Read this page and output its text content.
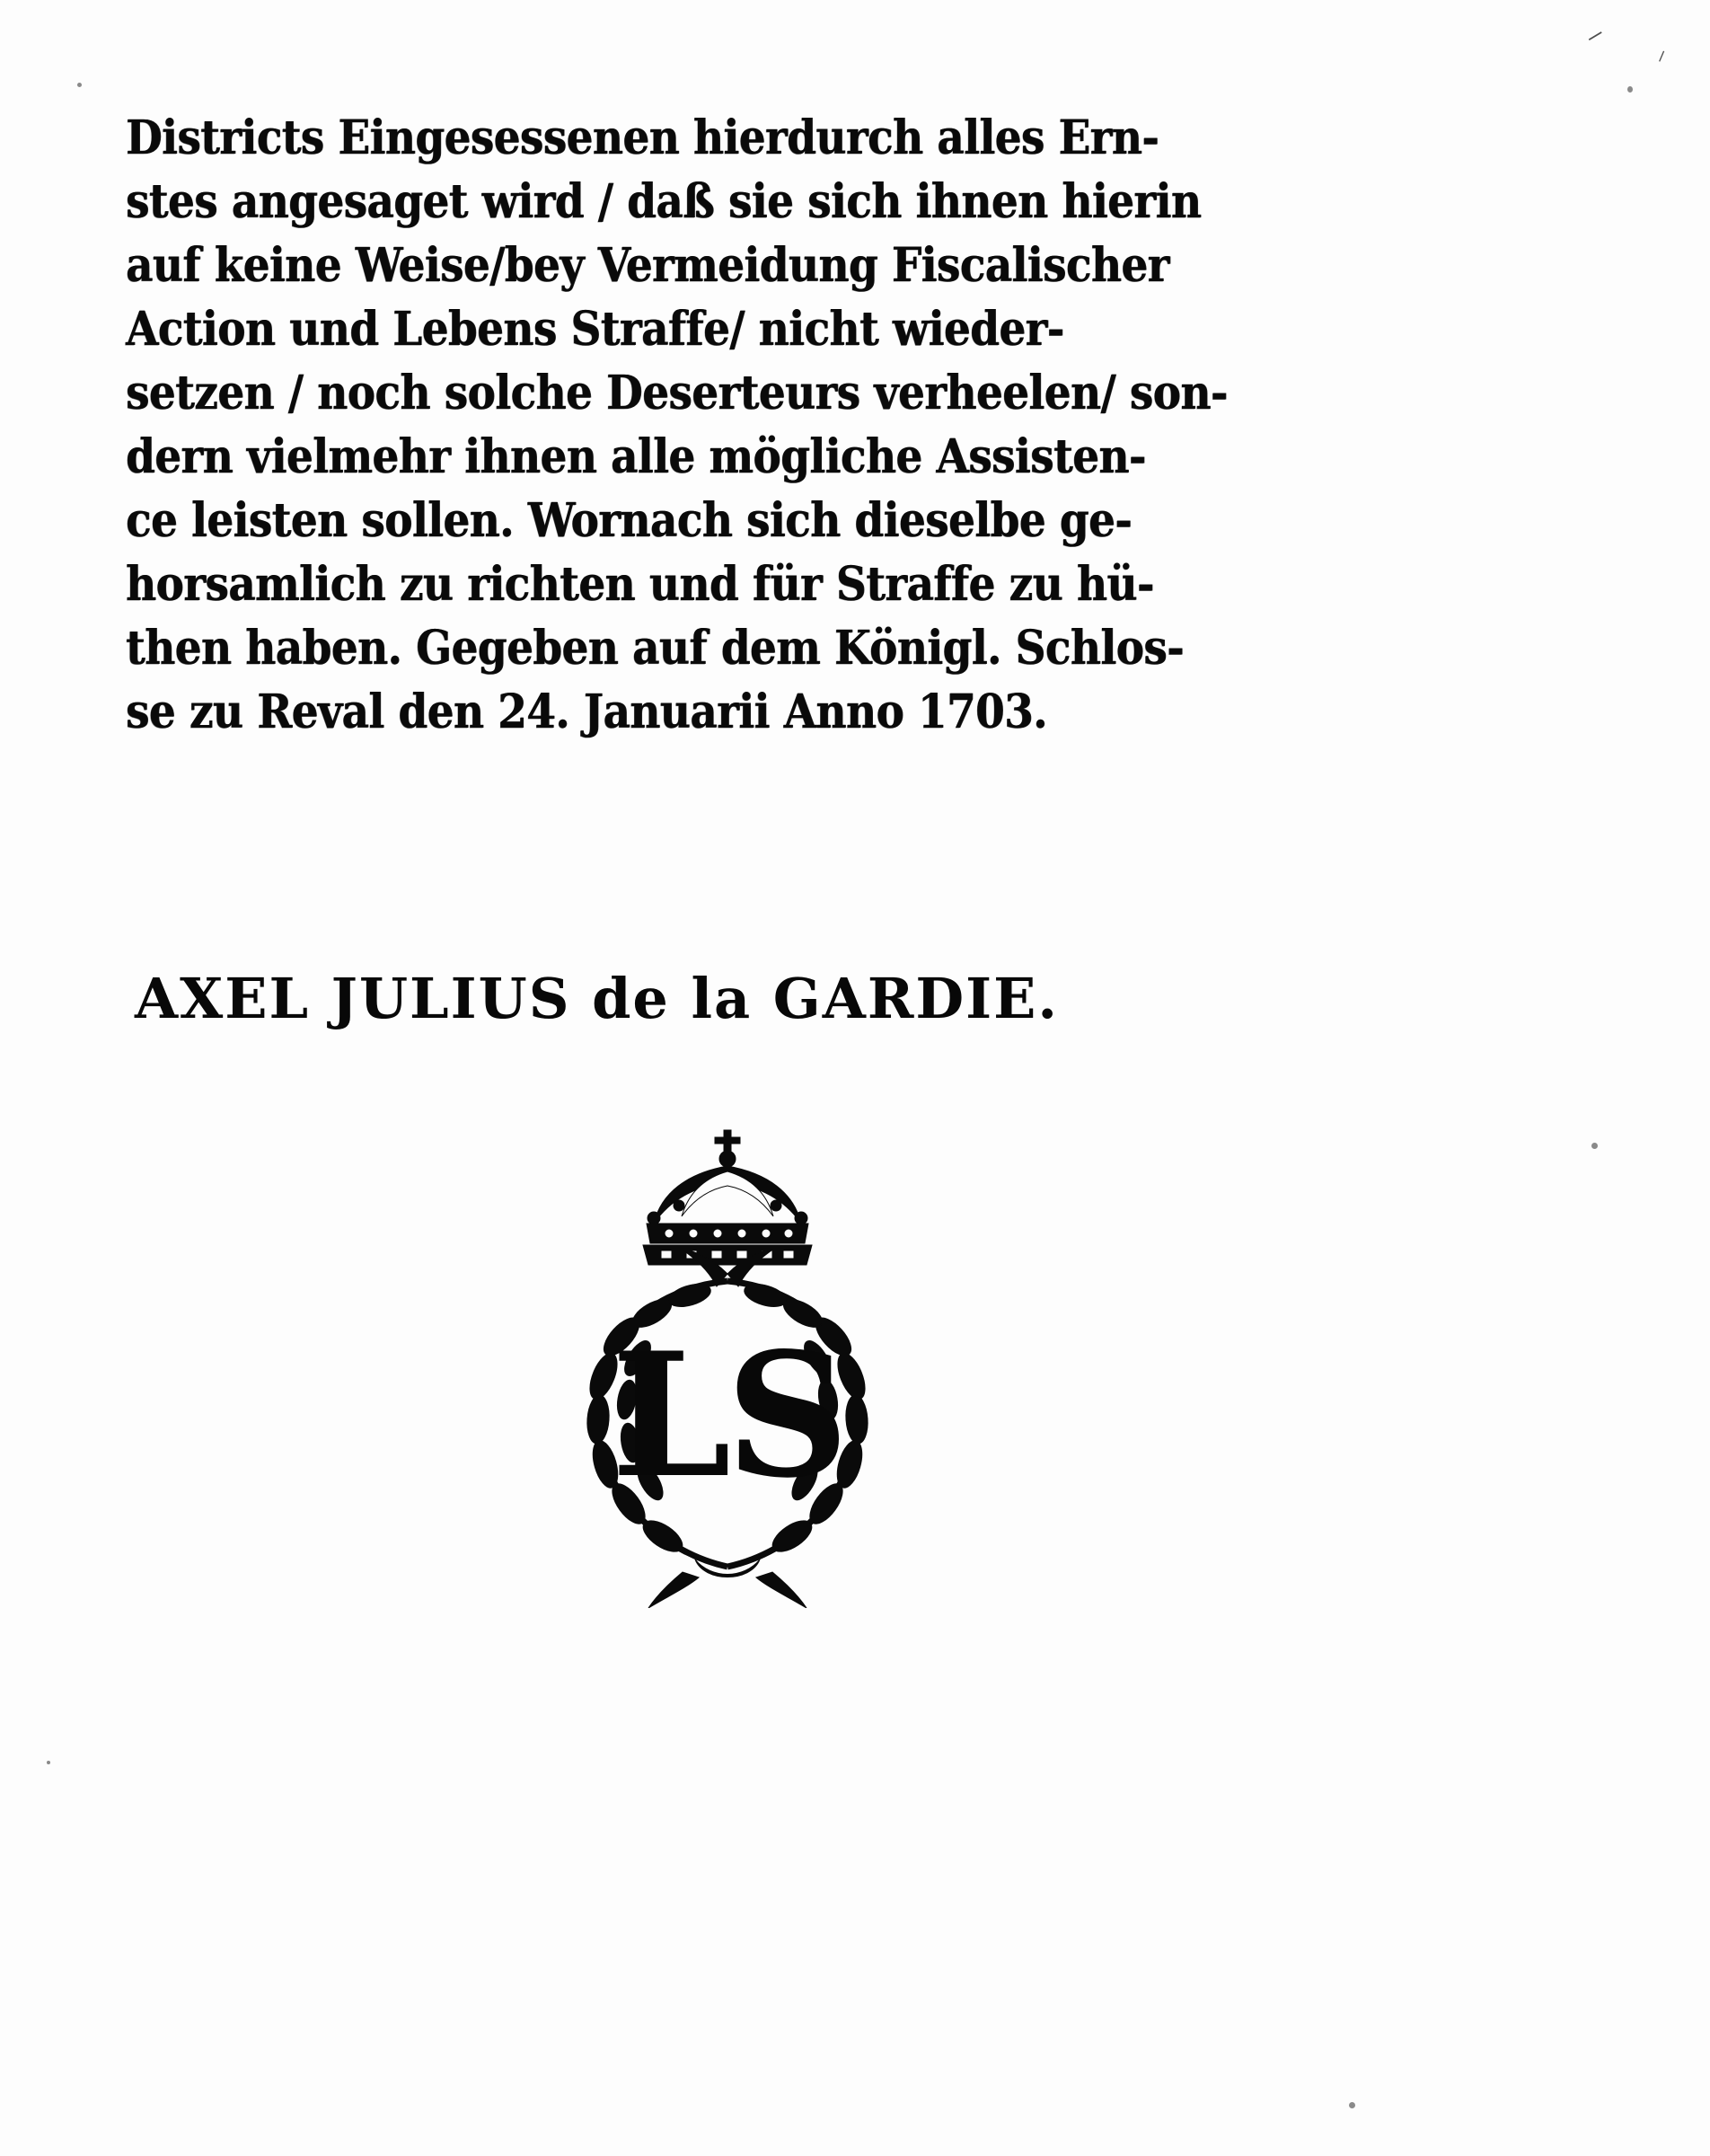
⸝
⸍
Districts Eingesessenen hierdurch alles Ern-
stes angesaget wird / daß sie sich ihnen hierin
auf keine Weise/bey Vermeidung Fiscalischer
Action und Lebens Straffe/ nicht wieder-
setzen / noch solche Deserteurs verheelen/ son-
dern vielmehr ihnen alle mögliche Assisten-
ce leisten sollen. Wornach sich dieselbe ge-
horsamlich zu richten und für Straffe zu hü-
then haben. Gegeben auf dem Königl. Schlos-
se zu Reval den 24. Januarii Anno 1703.
AXEL JULIUS de la GARDIE.
LS
